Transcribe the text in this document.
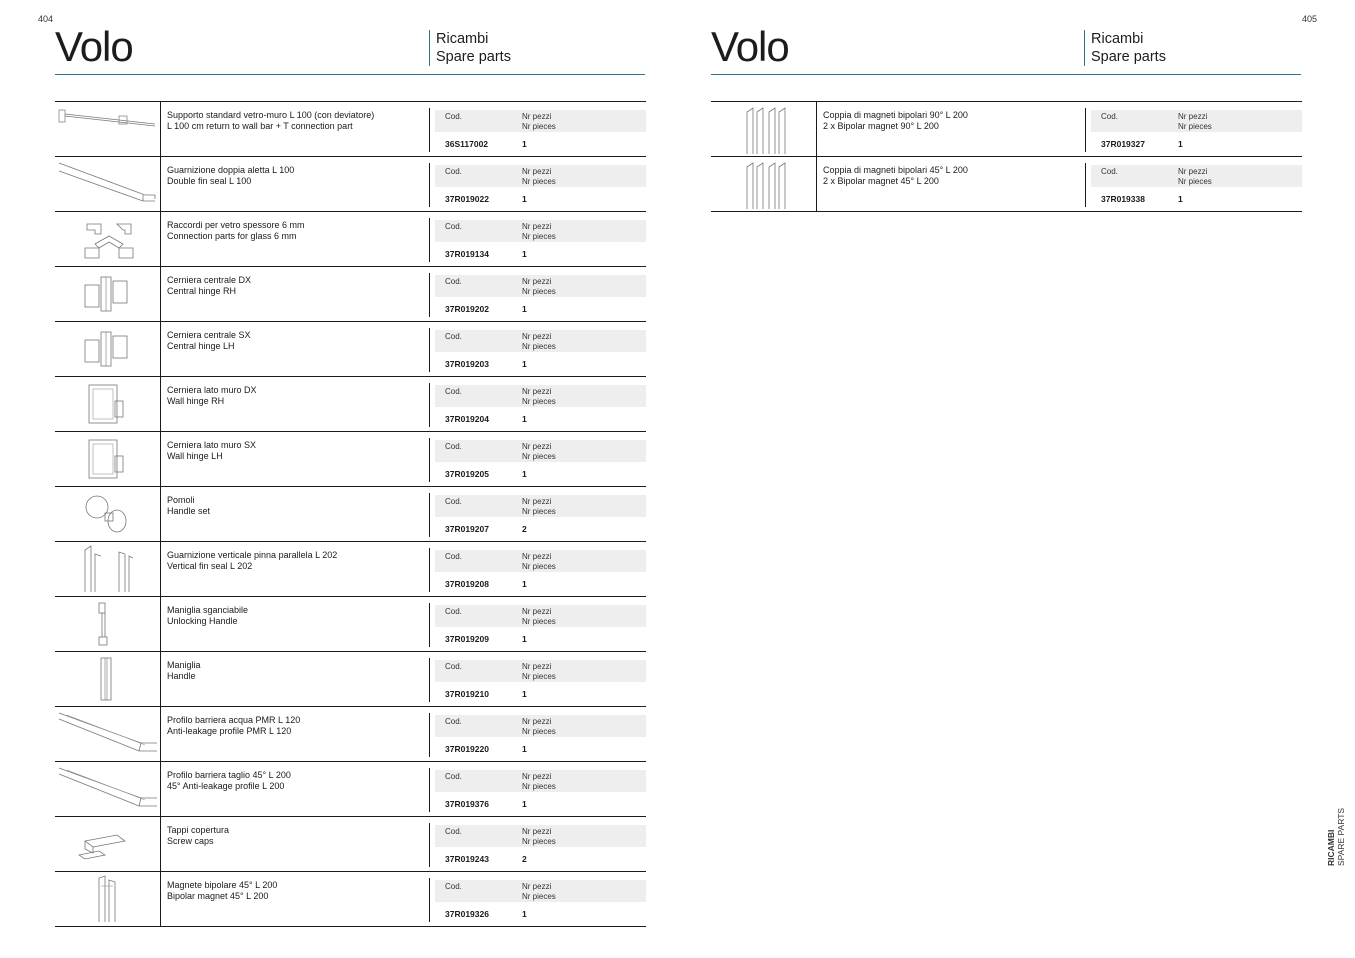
404	405
Volo	Ricambi
Spare parts	Volo	Ricambi
Spare parts
Supporto standard vetro-muro L 100 (con deviatore)
L 100 cm return to wall bar + T connection part
Cod.	Nr pezzi
Nr pieces
36S117002	1
Guarnizione doppia aletta L 100
Double fin seal L 100
Cod.	Nr pezzi
Nr pieces
37R019022	1
Raccordi per vetro spessore 6 mm
Connection parts for glass 6 mm
Cod.	Nr pezzi
Nr pieces
37R019134	1
Cerniera centrale DX
Central hinge RH
Cod.	Nr pezzi
Nr pieces
37R019202	1
Cerniera centrale SX
Central hinge LH
Cod.	Nr pezzi
Nr pieces
37R019203	1
Cerniera lato muro DX
Wall hinge RH
Cod.	Nr pezzi
Nr pieces
37R019204	1
Cerniera lato muro SX
Wall hinge LH
Cod.	Nr pezzi
Nr pieces
37R019205	1
Pomoli
Handle set
Cod.	Nr pezzi
Nr pieces
37R019207	2
Guarnizione verticale pinna parallela L 202
Vertical fin seal L 202
Cod.	Nr pezzi
Nr pieces
37R019208	1
Maniglia sganciabile
Unlocking Handle
Cod.	Nr pezzi
Nr pieces
37R019209	1
Maniglia
Handle
Cod.	Nr pezzi
Nr pieces
37R019210	1
Profilo barriera acqua PMR L 120
Anti-leakage profile PMR L 120
Cod.	Nr pezzi
Nr pieces
37R019220	1
Profilo barriera taglio 45° L 200
45° Anti-leakage profile L 200
Cod.	Nr pezzi
Nr pieces
37R019376	1
Tappi copertura
Screw caps
Cod.	Nr pezzi
Nr pieces
37R019243	2
Magnete bipolare 45° L 200
Bipolar magnet 45° L 200
Cod.	Nr pezzi
Nr pieces
37R019326	1
Coppia di magneti bipolari 90° L 200
2 x Bipolar magnet 90° L 200
Cod.	Nr pezzi
Nr pieces
37R019327	1
Coppia di magneti bipolari 45° L 200
2 x Bipolar magnet 45° L 200
Cod.	Nr pezzi
Nr pieces
37R019338	1
RICAMBI SPARE PARTS
